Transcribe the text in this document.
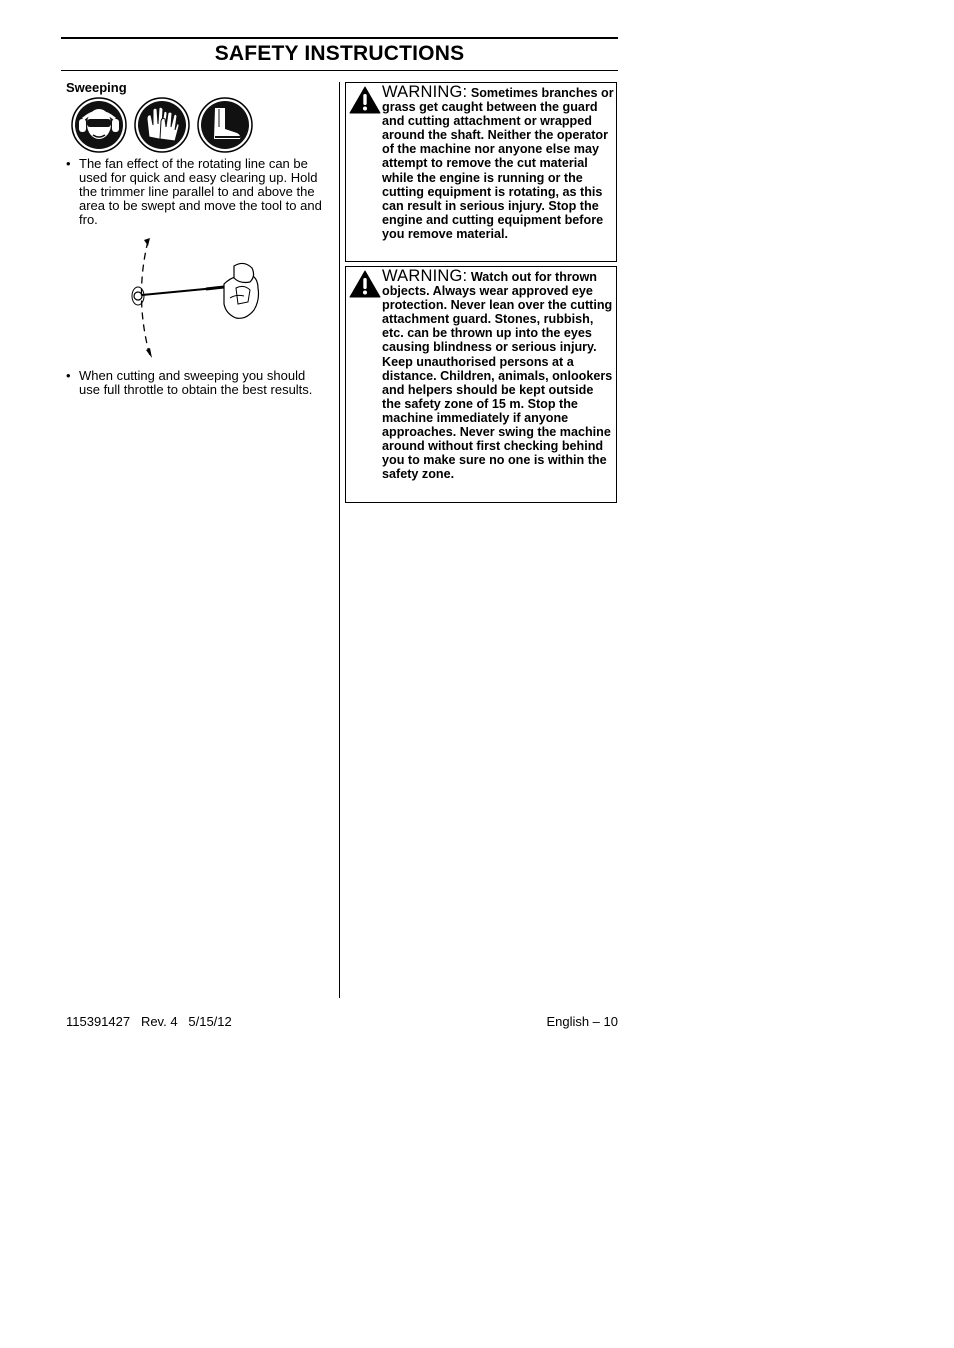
SAFETY INSTRUCTIONS
Sweeping
• The fan effect of the rotating line can be used for quick and easy clearing up. Hold the trimmer line parallel to and above the area to be swept and move the tool to and fro.
• When cutting and sweeping you should use full throttle to obtain the best results.
WARNING: Sometimes branches or grass get caught between the guard and cutting attachment or wrapped around the shaft. Neither the operator of the machine nor anyone else may attempt to remove the cut material while the engine is running or the cutting equipment is rotating, as this can result in serious injury. Stop the engine and cutting equipment before you remove material.
WARNING: Watch out for thrown objects. Always wear approved eye protection. Never lean over the cutting attachment guard. Stones, rubbish, etc. can be thrown up into the eyes causing blindness or serious injury. Keep unauthorised persons at a distance. Children, animals, onlookers and helpers should be kept outside the safety zone of 15 m. Stop the machine immediately if anyone approaches. Never swing the machine around without first checking behind you to make sure no one is within the safety zone.
115391427   Rev. 4   5/15/12	English – 10
